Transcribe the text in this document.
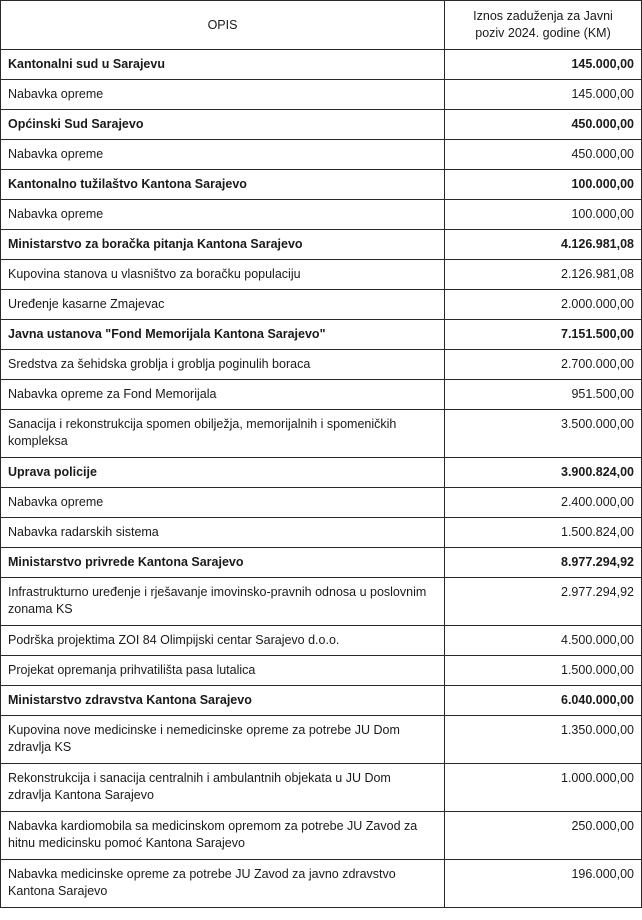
OPIS	Iznos zaduženja za Javni
poziv 2024. godine (KM)
Kantonalni sud u Sarajevu	145.000,00
Nabavka opreme	145.000,00
Općinski Sud Sarajevo	450.000,00
Nabavka opreme	450.000,00
Kantonalno tužilaštvo Kantona Sarajevo	100.000,00
Nabavka opreme	100.000,00
Ministarstvo za boračka pitanja Kantona Sarajevo	4.126.981,08
Kupovina stanova u vlasništvo za boračku populaciju	2.126.981,08
Uređenje kasarne Zmajevac	2.000.000,00
Javna ustanova "Fond Memorijala Kantona Sarajevo"	7.151.500,00
Sredstva za šehidska groblja i groblja poginulih boraca	2.700.000,00
Nabavka opreme za Fond Memorijala	951.500,00
Sanacija i rekonstrukcija spomen obilježja, memorijalnih i spomeničkih kompleksa	3.500.000,00
Uprava policije	3.900.824,00
Nabavka opreme	2.400.000,00
Nabavka radarskih sistema	1.500.824,00
Ministarstvo privrede Kantona Sarajevo	8.977.294,92
Infrastrukturno uređenje i rješavanje imovinsko-pravnih odnosa u poslovnim zonama KS	2.977.294,92
Podrška projektima ZOI 84 Olimpijski centar Sarajevo d.o.o.	4.500.000,00
Projekat opremanja prihvatilišta pasa lutalica	1.500.000,00
Ministarstvo zdravstva Kantona Sarajevo	6.040.000,00
Kupovina nove medicinske i nemedicinske opreme za potrebe JU Dom zdravlja KS	1.350.000,00
Rekonstrukcija i sanacija centralnih i ambulantnih objekata u JU Dom zdravlja Kantona Sarajevo	1.000.000,00
Nabavka kardiomobila sa medicinskom opremom za potrebe JU Zavod za hitnu medicinsku pomoć Kantona Sarajevo	250.000,00
Nabavka medicinske opreme za potrebe JU Zavod za javno zdravstvo Kantona Sarajevo	196.000,00
